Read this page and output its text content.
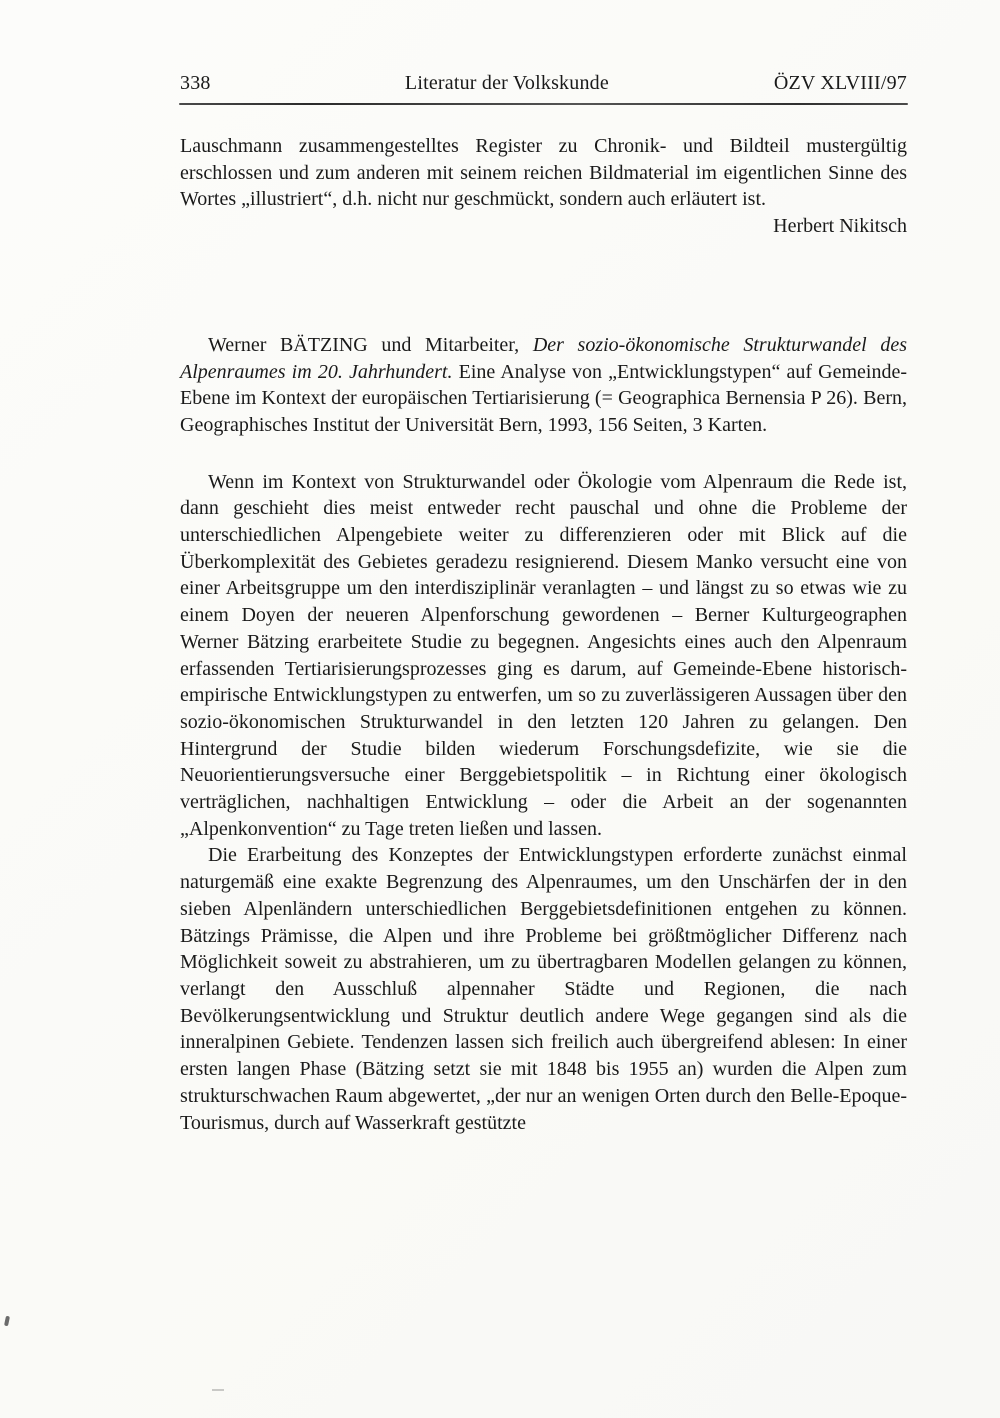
338	Literatur der Volkskunde	ÖZV XLVIII/97

Lauschmann zusammengestelltes Register zu Chronik- und Bildteil mustergültig erschlossen und zum anderen mit seinem reichen Bildmaterial im eigentlichen Sinne des Wortes „illustriert“, d.h. nicht nur geschmückt, sondern auch erläutert ist.

Herbert Nikitsch

Werner BÄTZING und Mitarbeiter, Der sozio-ökonomische Strukturwandel des Alpenraumes im 20. Jahrhundert. Eine Analyse von „Entwicklungstypen“ auf Gemeinde-Ebene im Kontext der europäischen Tertiarisierung (= Geographica Bernensia P 26). Bern, Geographisches Institut der Universität Bern, 1993, 156 Seiten, 3 Karten.

Wenn im Kontext von Strukturwandel oder Ökologie vom Alpenraum die Rede ist, dann geschieht dies meist entweder recht pauschal und ohne die Probleme der unterschiedlichen Alpengebiete weiter zu differenzieren oder mit Blick auf die Überkomplexität des Gebietes geradezu resignierend. Diesem Manko versucht eine von einer Arbeitsgruppe um den interdisziplinär veranlagten – und längst zu so etwas wie zu einem Doyen der neueren Alpenforschung gewordenen – Berner Kulturgeographen Werner Bätzing erarbeitete Studie zu begegnen. Angesichts eines auch den Alpenraum erfassenden Tertiarisierungsprozesses ging es darum, auf Gemeinde-Ebene historisch-empirische Entwicklungstypen zu entwerfen, um so zu zuverlässigeren Aussagen über den sozio-ökonomischen Strukturwandel in den letzten 120 Jahren zu gelangen. Den Hintergrund der Studie bilden wiederum Forschungsdefizite, wie sie die Neuorientierungsversuche einer Berggebietspolitik – in Richtung einer ökologisch verträglichen, nachhaltigen Entwicklung – oder die Arbeit an der sogenannten „Alpenkonvention“ zu Tage treten ließen und lassen.

Die Erarbeitung des Konzeptes der Entwicklungstypen erforderte zunächst einmal naturgemäß eine exakte Begrenzung des Alpenraumes, um den Unschärfen der in den sieben Alpenländern unterschiedlichen Berggebietsdefinitionen entgehen zu können. Bätzings Prämisse, die Alpen und ihre Probleme bei größtmöglicher Differenz nach Möglichkeit soweit zu abstrahieren, um zu übertragbaren Modellen gelangen zu können, verlangt den Ausschluß alpennaher Städte und Regionen, die nach Bevölkerungsentwicklung und Struktur deutlich andere Wege gegangen sind als die inneralpinen Gebiete. Tendenzen lassen sich freilich auch übergreifend ablesen: In einer ersten langen Phase (Bätzing setzt sie mit 1848 bis 1955 an) wurden die Alpen zum strukturschwachen Raum abgewertet, „der nur an wenigen Orten durch den Belle-Epoque-Tourismus, durch auf Wasserkraft gestützte
